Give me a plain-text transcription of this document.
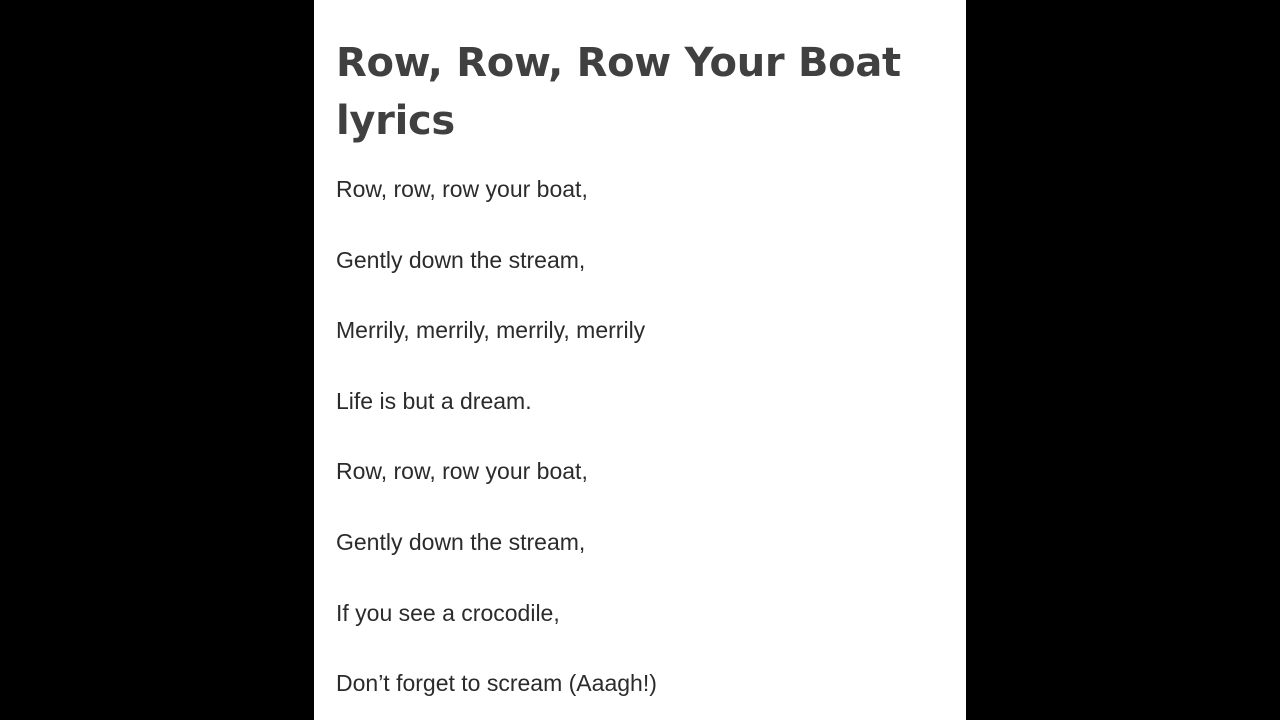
Row, Row, Row Your Boat lyrics

Row, row, row your boat,

Gently down the stream,

Merrily, merrily, merrily, merrily

Life is but a dream.

Row, row, row your boat,

Gently down the stream,

If you see a crocodile,

Don’t forget to scream (Aaagh!)
